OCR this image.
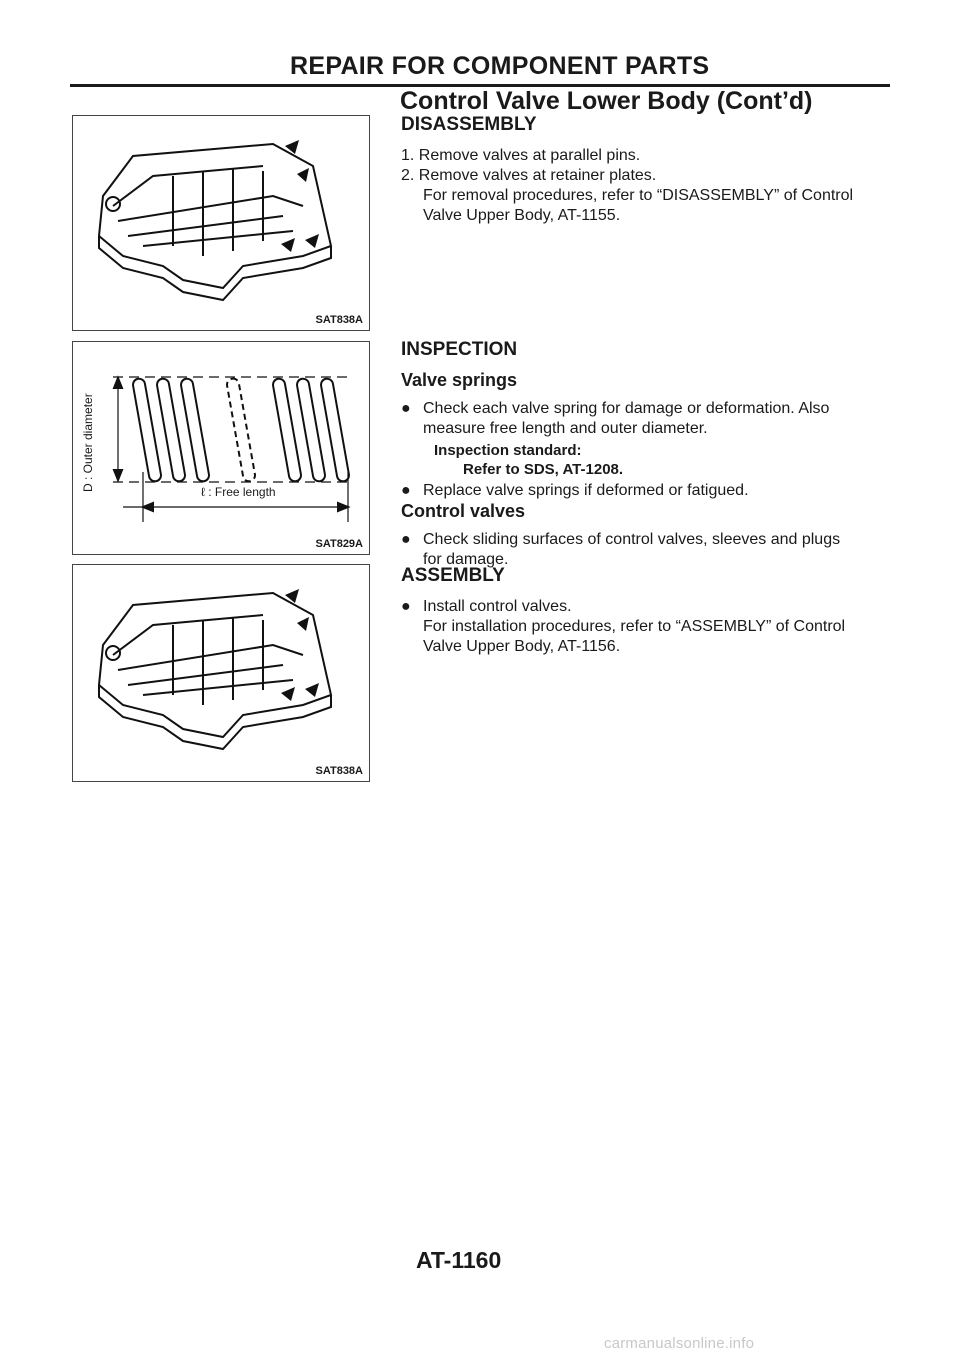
REPAIR FOR COMPONENT PARTS
Control Valve Lower Body (Cont’d)
SAT838A
D : Outer diameter	ℓ : Free length
SAT829A
SAT838A
DISASSEMBLY
1. Remove valves at parallel pins.
2. Remove valves at retainer plates.
For removal procedures, refer to “DISASSEMBLY” of Control
Valve Upper Body, AT-1155.
INSPECTION
Valve springs
● Check each valve spring for damage or deformation. Also
measure free length and outer diameter.
Inspection standard:
Refer to SDS, AT-1208.
● Replace valve springs if deformed or fatigued.
Control valves
● Check sliding surfaces of control valves, sleeves and plugs
for damage.
ASSEMBLY
● Install control valves.
For installation procedures, refer to “ASSEMBLY” of Control
Valve Upper Body, AT-1156.
AT-1160
carmanualsonline.info
